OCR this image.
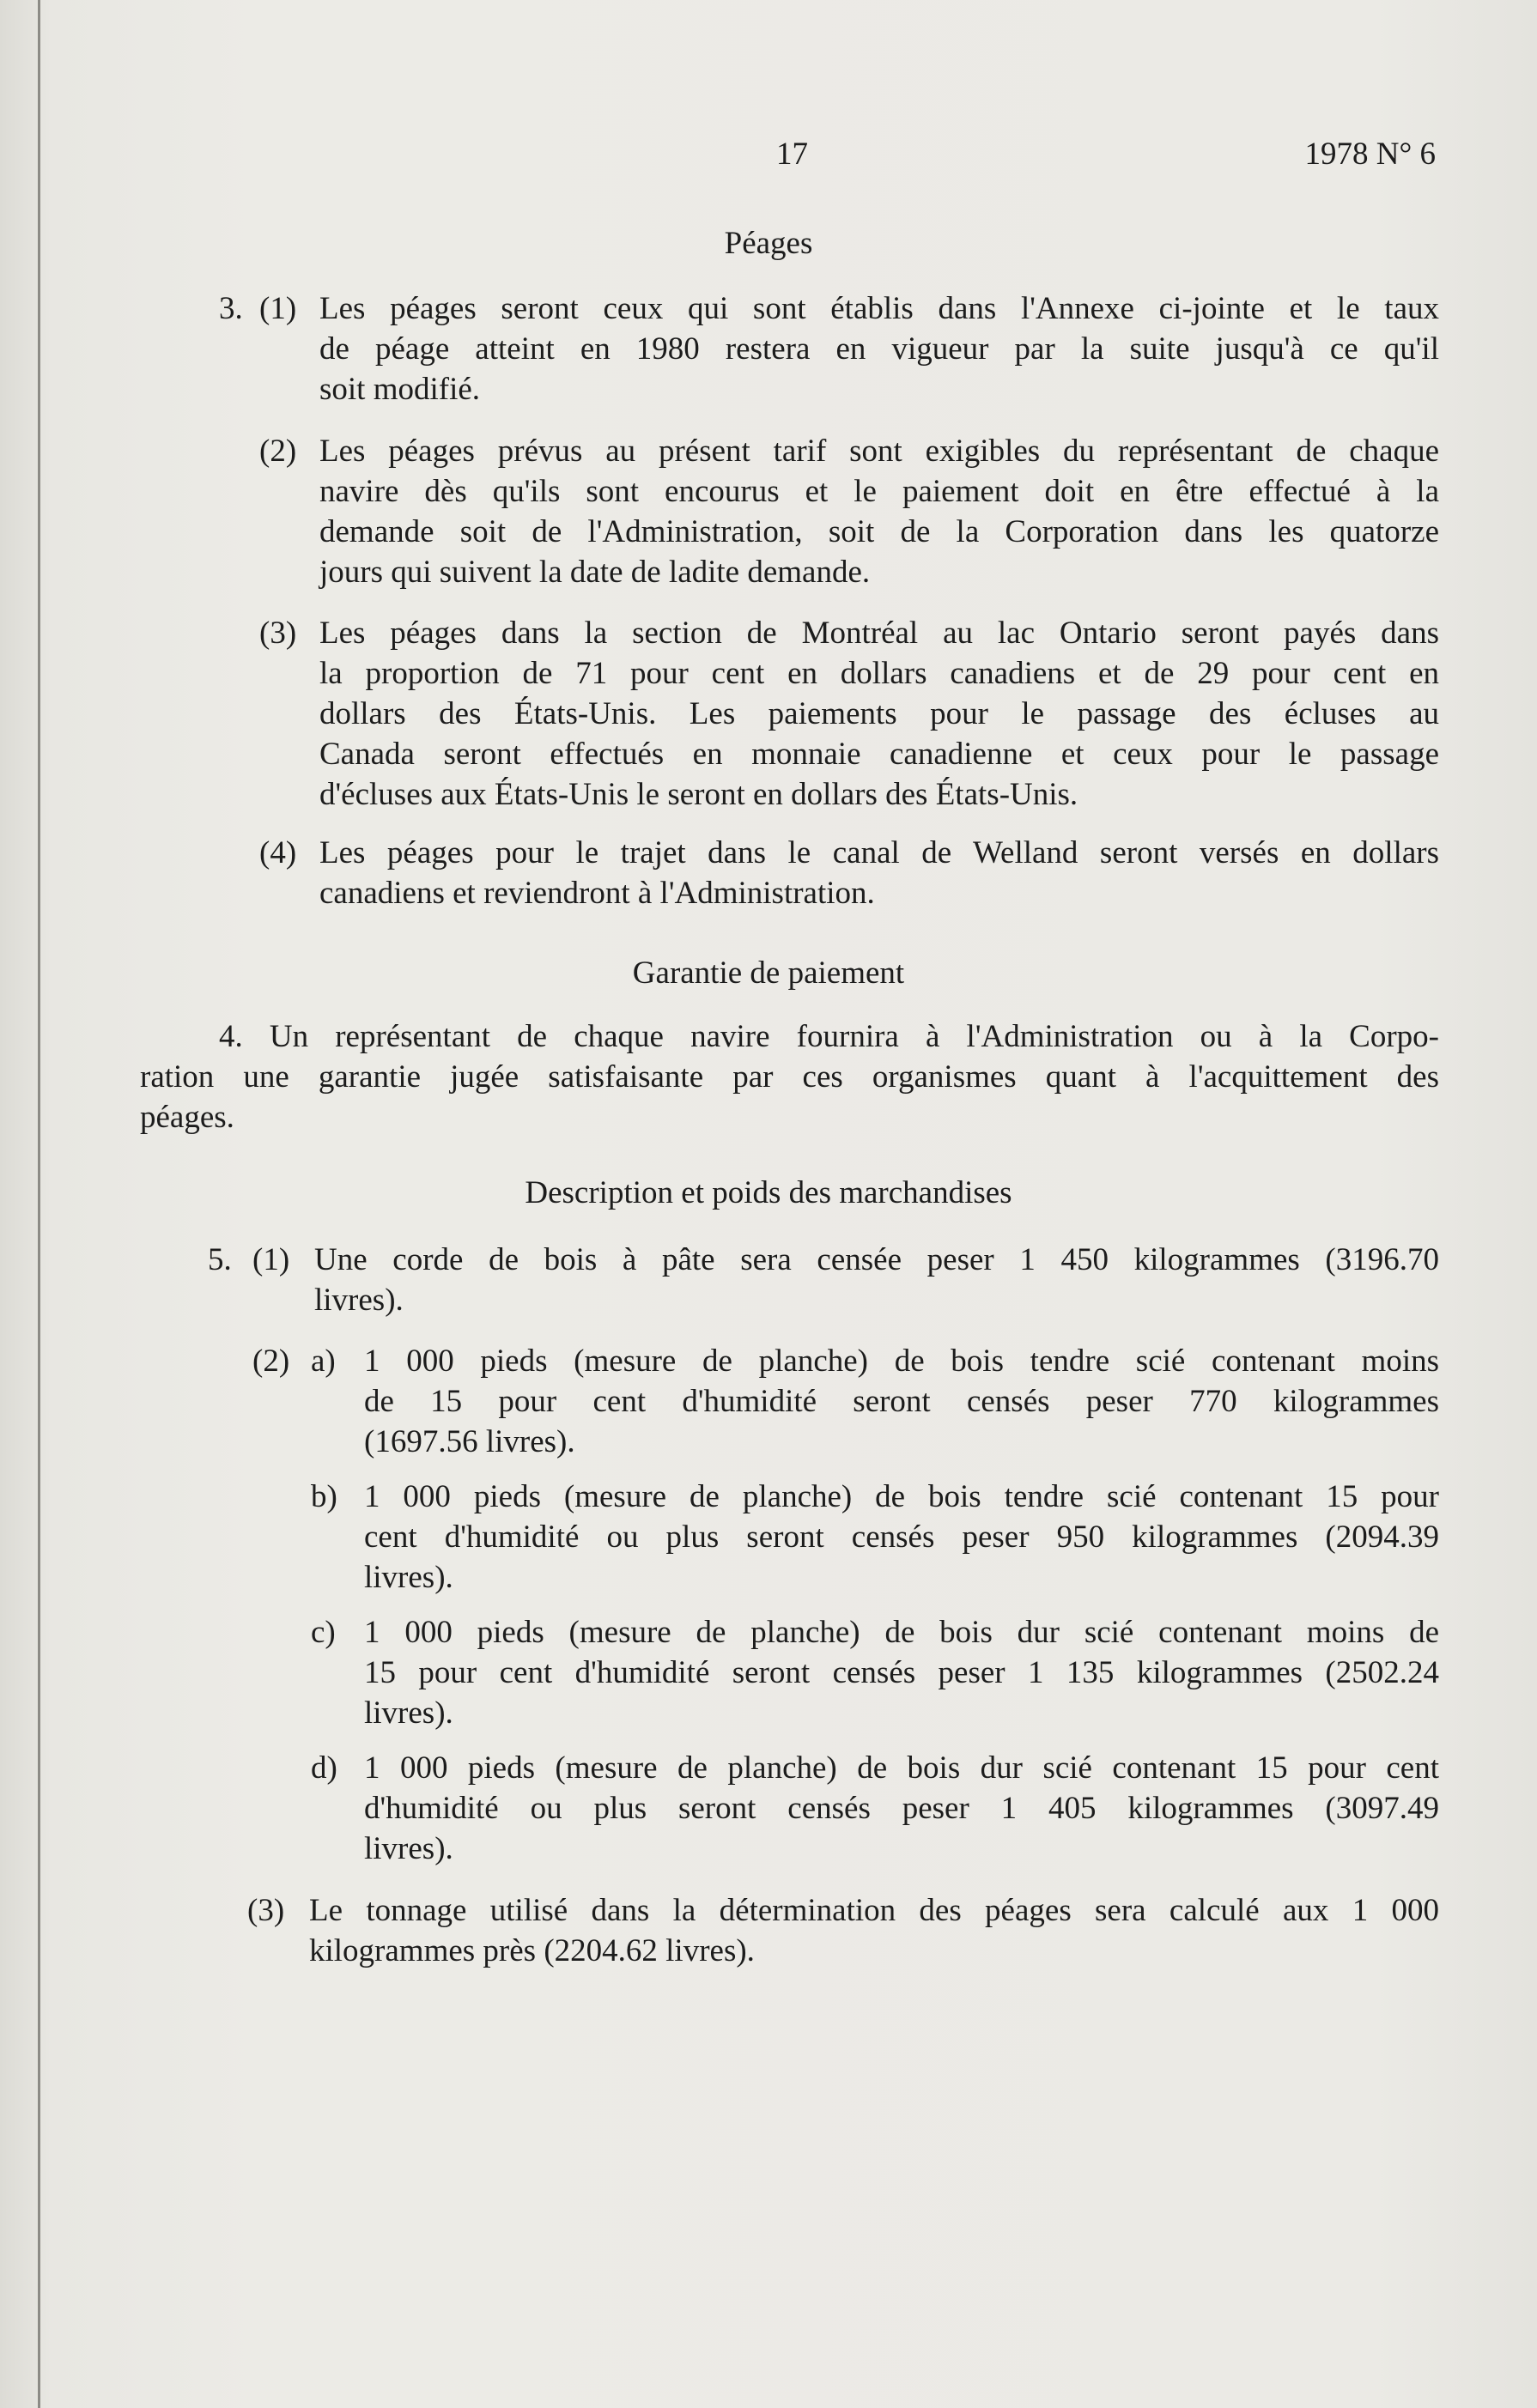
17	1978 N° 6
Péages
3. (1) Les péages seront ceux qui sont établis dans l'Annexe ci-jointe et le taux
de péage atteint en 1980 restera en vigueur par la suite jusqu'à ce qu'il
soit modifié.
(2) Les péages prévus au présent tarif sont exigibles du représentant de chaque
navire dès qu'ils sont encourus et le paiement doit en être effectué à la
demande soit de l'Administration, soit de la Corporation dans les quatorze
jours qui suivent la date de ladite demande.
(3) Les péages dans la section de Montréal au lac Ontario seront payés dans
la proportion de 71 pour cent en dollars canadiens et de 29 pour cent en
dollars des États-Unis. Les paiements pour le passage des écluses au
Canada seront effectués en monnaie canadienne et ceux pour le passage
d'écluses aux États-Unis le seront en dollars des États-Unis.
(4) Les péages pour le trajet dans le canal de Welland seront versés en dollars
canadiens et reviendront à l'Administration.
Garantie de paiement
4. Un représentant de chaque navire fournira à l'Administration ou à la Corpo-
ration une garantie jugée satisfaisante par ces organismes quant à l'acquittement des
péages.
Description et poids des marchandises
5. (1) Une corde de bois à pâte sera censée peser 1 450 kilogrammes (3196.70
livres).
(2) a) 1 000 pieds (mesure de planche) de bois tendre scié contenant moins
de 15 pour cent d'humidité seront censés peser 770 kilogrammes
(1697.56 livres).
b) 1 000 pieds (mesure de planche) de bois tendre scié contenant 15 pour
cent d'humidité ou plus seront censés peser 950 kilogrammes (2094.39
livres).
c) 1 000 pieds (mesure de planche) de bois dur scié contenant moins de
15 pour cent d'humidité seront censés peser 1 135 kilogrammes (2502.24
livres).
d) 1 000 pieds (mesure de planche) de bois dur scié contenant 15 pour cent
d'humidité ou plus seront censés peser 1 405 kilogrammes (3097.49
livres).
(3) Le tonnage utilisé dans la détermination des péages sera calculé aux 1 000
kilogrammes près (2204.62 livres).
